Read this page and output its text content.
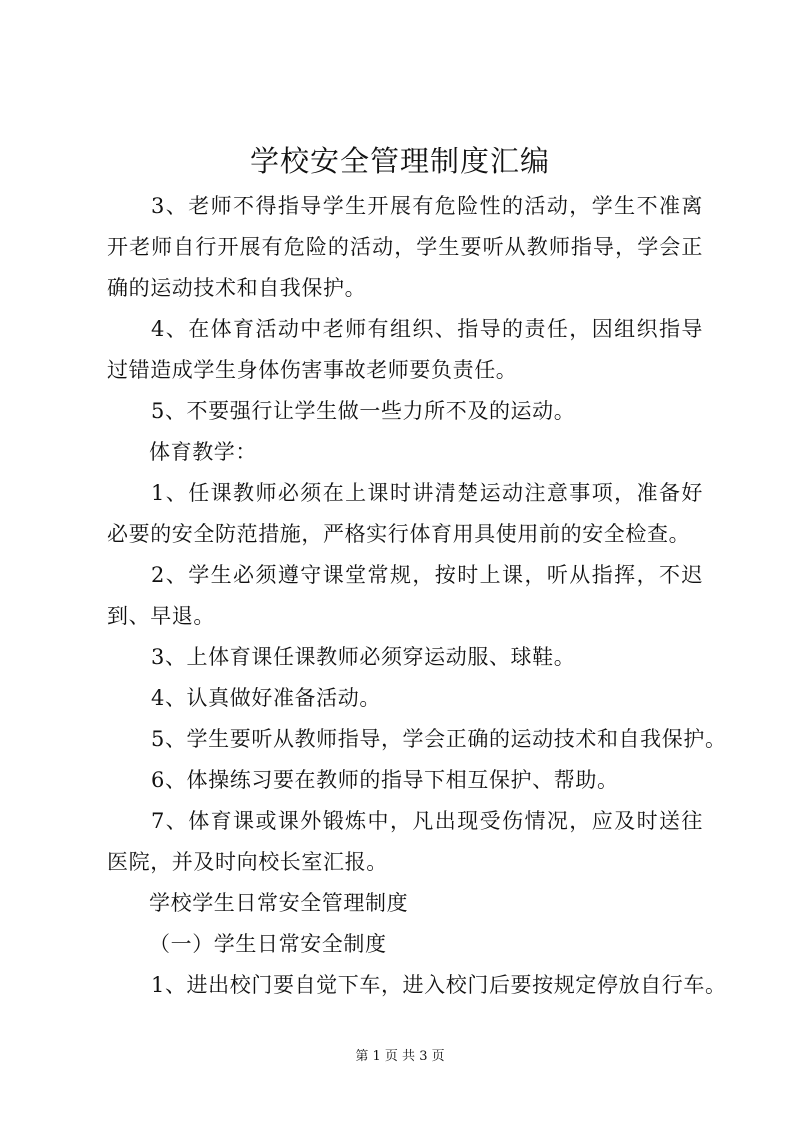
学校安全管理制度汇编

3、老师不得指导学生开展有危险性的活动，学生不准离开老师自行开展有危险的活动，学生要听从教师指导，学会正确的运动技术和自我保护。

4、在体育活动中老师有组织、指导的责任，因组织指导过错造成学生身体伤害事故老师要负责任。

5、不要强行让学生做一些力所不及的运动。

体育教学：

1、任课教师必须在上课时讲清楚运动注意事项，准备好必要的安全防范措施，严格实行体育用具使用前的安全检查。

2、学生必须遵守课堂常规，按时上课，听从指挥，不迟到、早退。

3、上体育课任课教师必须穿运动服、球鞋。

4、认真做好准备活动。

5、学生要听从教师指导，学会正确的运动技术和自我保护。

6、体操练习要在教师的指导下相互保护、帮助。

7、体育课或课外锻炼中，凡出现受伤情况，应及时送往医院，并及时向校长室汇报。

学校学生日常安全管理制度

（一）学生日常安全制度

1、进出校门要自觉下车，进入校门后要按规定停放自行车。

第 1 页 共 3 页
